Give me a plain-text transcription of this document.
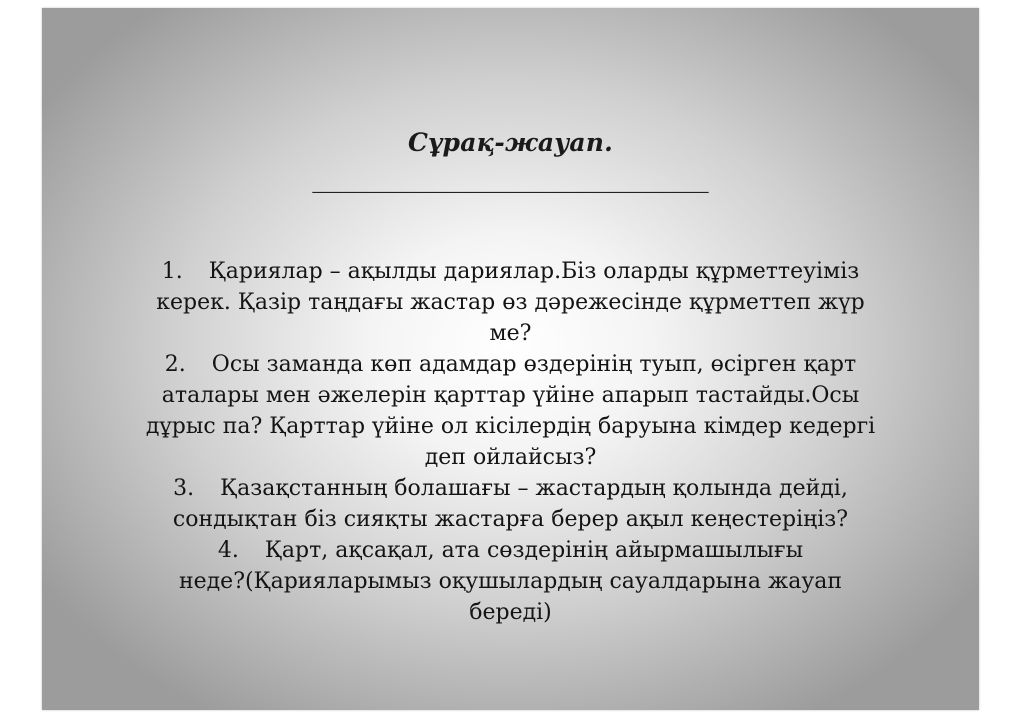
Сұрақ-жауап.
____________________________________
1. Қариялар – ақылды дариялар.Біз оларды құрметтеуіміз
керек. Қазір таңдағы жастар өз дәрежесінде құрметтеп жүр
ме?
2. Осы заманда көп адамдар өздерінің туып, өсірген қарт
аталары мен әжелерін қарттар үйіне апарып тастайды.Осы
дұрыс па? Қарттар үйіне ол кісілердің баруына кімдер кедергі
деп ойлайсыз?
3. Қазақстанның болашағы – жастардың қолында дейді,
сондықтан біз сияқты жастарға берер ақыл кеңестеріңіз?
4. Қарт, ақсақал, ата сөздерінің айырмашылығы
неде?(Қарияларымыз оқушылардың сауалдарына жауап
береді)
